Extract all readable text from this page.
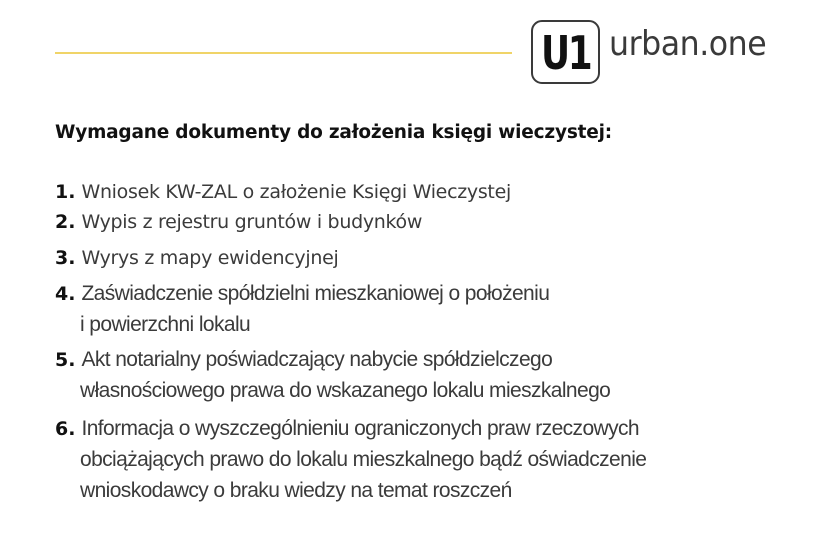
U1 urban.one
Wymagane dokumenty do założenia księgi wieczystej:
1. Wniosek KW-ZAL o założenie Księgi Wieczystej
2. Wypis z rejestru gruntów i budynków
3. Wyrys z mapy ewidencyjnej
4. Zaświadczenie spółdzielni mieszkaniowej o położeniu
i powierzchni lokalu
5. Akt notarialny poświadczający nabycie spółdzielczego
własnościowego prawa do wskazanego lokalu mieszkalnego
6. Informacja o wyszczególnieniu ograniczonych praw rzeczowych
obciążających prawo do lokalu mieszkalnego bądź oświadczenie
wnioskodawcy o braku wiedzy na temat roszczeń
